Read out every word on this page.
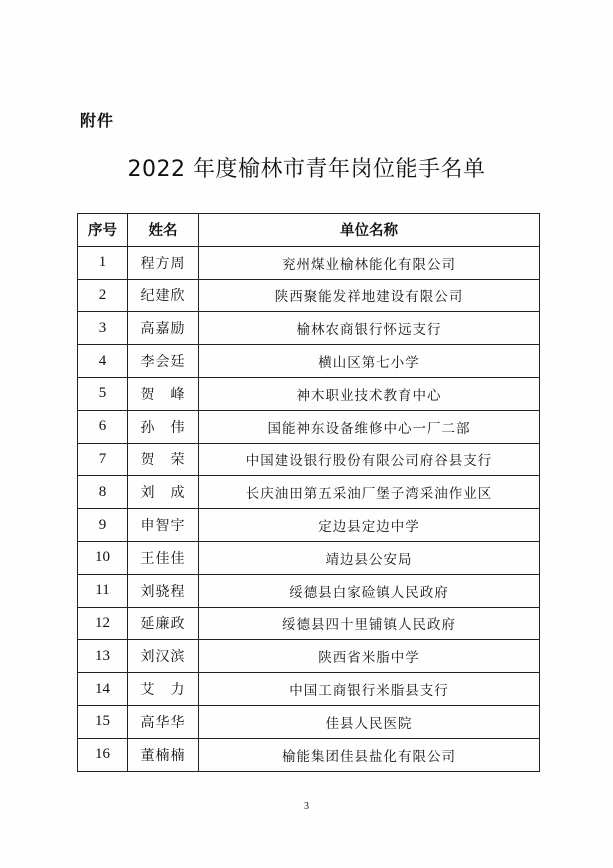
附件
2022 年度榆林市青年岗位能手名单
序号	姓名	单位名称
1	程方周	兖州煤业榆林能化有限公司
2	纪建欣	陕西聚能发祥地建设有限公司
3	高嘉励	榆林农商银行怀远支行
4	李会廷	横山区第七小学
5	贺　峰	神木职业技术教育中心
6	孙　伟	国能神东设备维修中心一厂二部
7	贺　荣	中国建设银行股份有限公司府谷县支行
8	刘　成	长庆油田第五采油厂堡子湾采油作业区
9	申智宇	定边县定边中学
10	王佳佳	靖边县公安局
11	刘骁程	绥德县白家硷镇人民政府
12	延廉政	绥德县四十里铺镇人民政府
13	刘汉滨	陕西省米脂中学
14	艾　力	中国工商银行米脂县支行
15	高华华	佳县人民医院
16	董楠楠	榆能集团佳县盐化有限公司
3
